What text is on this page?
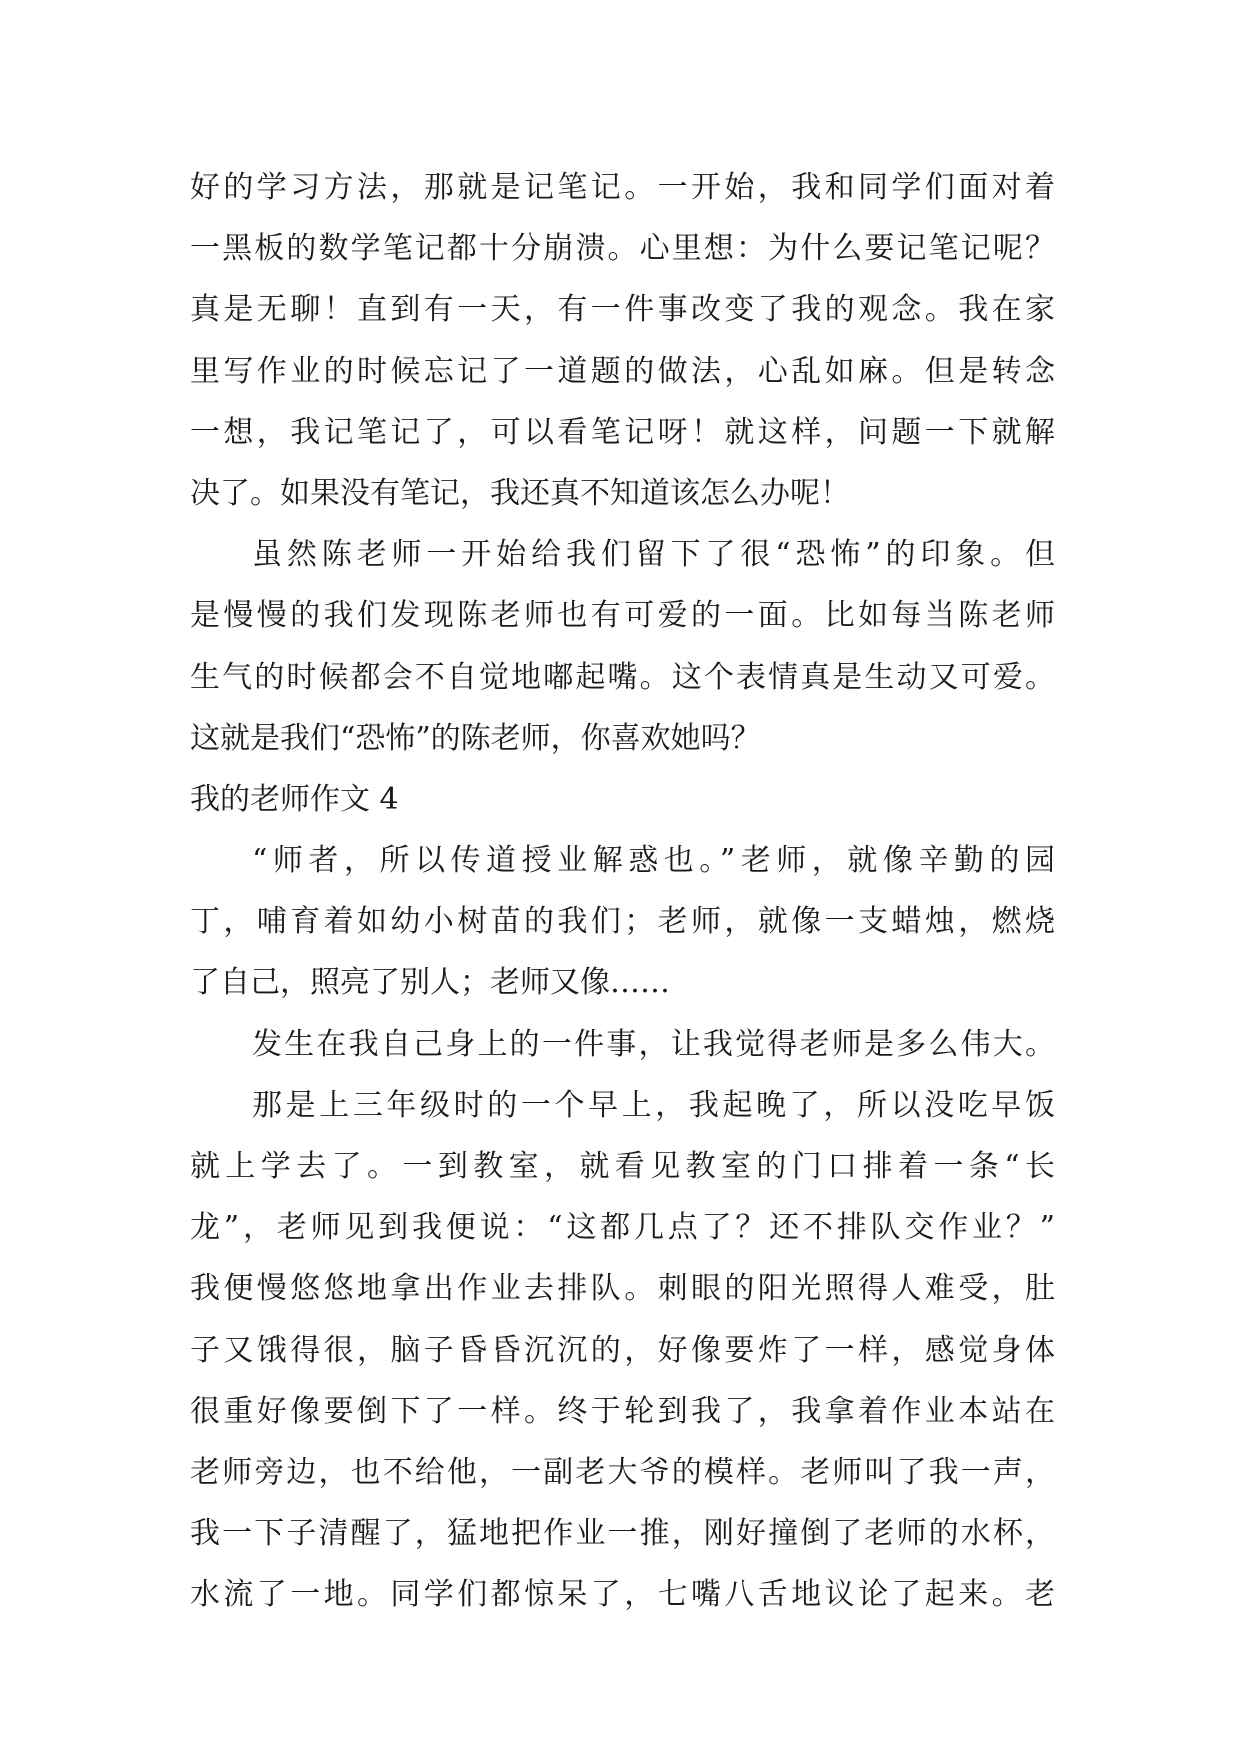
好的学习方法，那就是记笔记。一开始，我和同学们面对着
一黑板的数学笔记都十分崩溃。心里想：为什么要记笔记呢？
真是无聊！直到有一天，有一件事改变了我的观念。我在家
里写作业的时候忘记了一道题的做法，心乱如麻。但是转念
一想，我记笔记了，可以看笔记呀！就这样，问题一下就解
决了。如果没有笔记，我还真不知道该怎么办呢！
虽然陈老师一开始给我们留下了很“恐怖”的印象。但
是慢慢的我们发现陈老师也有可爱的一面。比如每当陈老师
生气的时候都会不自觉地嘟起嘴。这个表情真是生动又可爱。
这就是我们“恐怖”的陈老师，你喜欢她吗？
我的老师作文 4
“师者，所以传道授业解惑也。”老师，就像辛勤的园
丁，哺育着如幼小树苗的我们；老师，就像一支蜡烛，燃烧
了自己，照亮了别人；老师又像……
发生在我自己身上的一件事，让我觉得老师是多么伟大。
那是上三年级时的一个早上，我起晚了，所以没吃早饭
就上学去了。一到教室，就看见教室的门口排着一条“长
龙”，老师见到我便说：“这都几点了？还不排队交作业？”
我便慢悠悠地拿出作业去排队。刺眼的阳光照得人难受，肚
子又饿得很，脑子昏昏沉沉的，好像要炸了一样，感觉身体
很重好像要倒下了一样。终于轮到我了，我拿着作业本站在
老师旁边，也不给他，一副老大爷的模样。老师叫了我一声，
我一下子清醒了，猛地把作业一推，刚好撞倒了老师的水杯，
水流了一地。同学们都惊呆了，七嘴八舌地议论了起来。老
